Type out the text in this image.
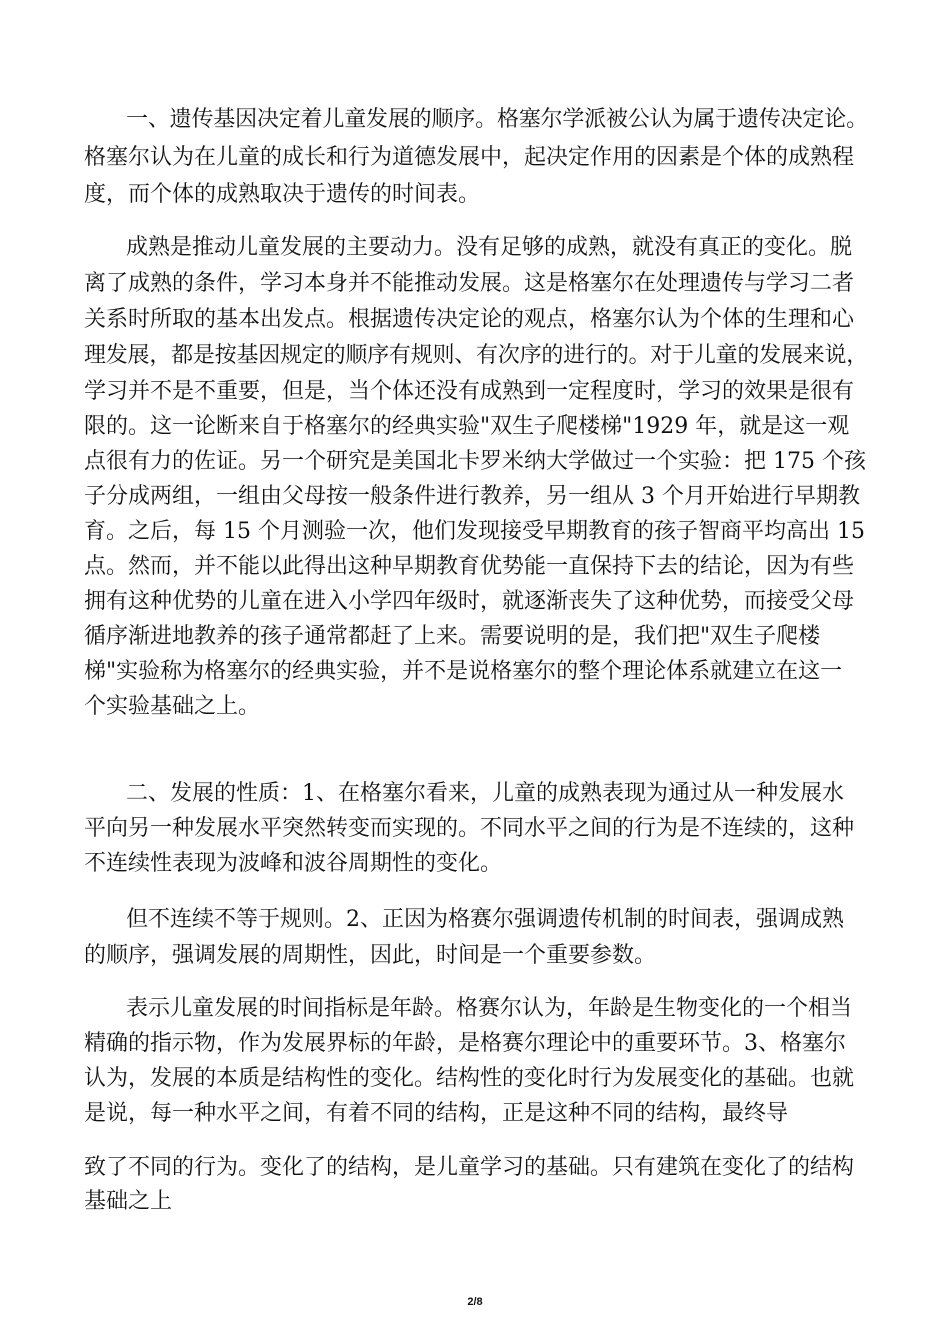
一、遗传基因决定着儿童发展的顺序。格塞尔学派被公认为属于遗传决定论。
格塞尔认为在儿童的成长和行为道德发展中，起决定作用的因素是个体的成熟程
度，而个体的成熟取决于遗传的时间表。
成熟是推动儿童发展的主要动力。没有足够的成熟，就没有真正的变化。脱
离了成熟的条件，学习本身并不能推动发展。这是格塞尔在处理遗传与学习二者
关系时所取的基本出发点。根据遗传决定论的观点，格塞尔认为个体的生理和心
理发展，都是按基因规定的顺序有规则、有次序的进行的。对于儿童的发展来说，
学习并不是不重要，但是，当个体还没有成熟到一定程度时，学习的效果是很有
限的。这一论断来自于格塞尔的经典实验"双生子爬楼梯"1929 年，就是这一观
点很有力的佐证。另一个研究是美国北卡罗米纳大学做过一个实验：把 175 个孩
子分成两组，一组由父母按一般条件进行教养，另一组从 3 个月开始进行早期教
育。之后，每 15 个月测验一次，他们发现接受早期教育的孩子智商平均高出 15
点。然而，并不能以此得出这种早期教育优势能一直保持下去的结论，因为有些
拥有这种优势的儿童在进入小学四年级时，就逐渐丧失了这种优势，而接受父母
循序渐进地教养的孩子通常都赶了上来。需要说明的是，我们把"双生子爬楼
梯"实验称为格塞尔的经典实验，并不是说格塞尔的整个理论体系就建立在这一
个实验基础之上。
二、发展的性质：1、在格塞尔看来，儿童的成熟表现为通过从一种发展水
平向另一种发展水平突然转变而实现的。不同水平之间的行为是不连续的，这种
不连续性表现为波峰和波谷周期性的变化。
但不连续不等于规则。2、正因为格赛尔强调遗传机制的时间表，强调成熟
的顺序，强调发展的周期性，因此，时间是一个重要参数。
表示儿童发展的时间指标是年龄。格赛尔认为，年龄是生物变化的一个相当
精确的指示物，作为发展界标的年龄，是格赛尔理论中的重要环节。3、格塞尔
认为，发展的本质是结构性的变化。结构性的变化时行为发展变化的基础。也就
是说，每一种水平之间，有着不同的结构，正是这种不同的结构，最终导
致了不同的行为。变化了的结构，是儿童学习的基础。只有建筑在变化了的结构
基础之上
2/8
